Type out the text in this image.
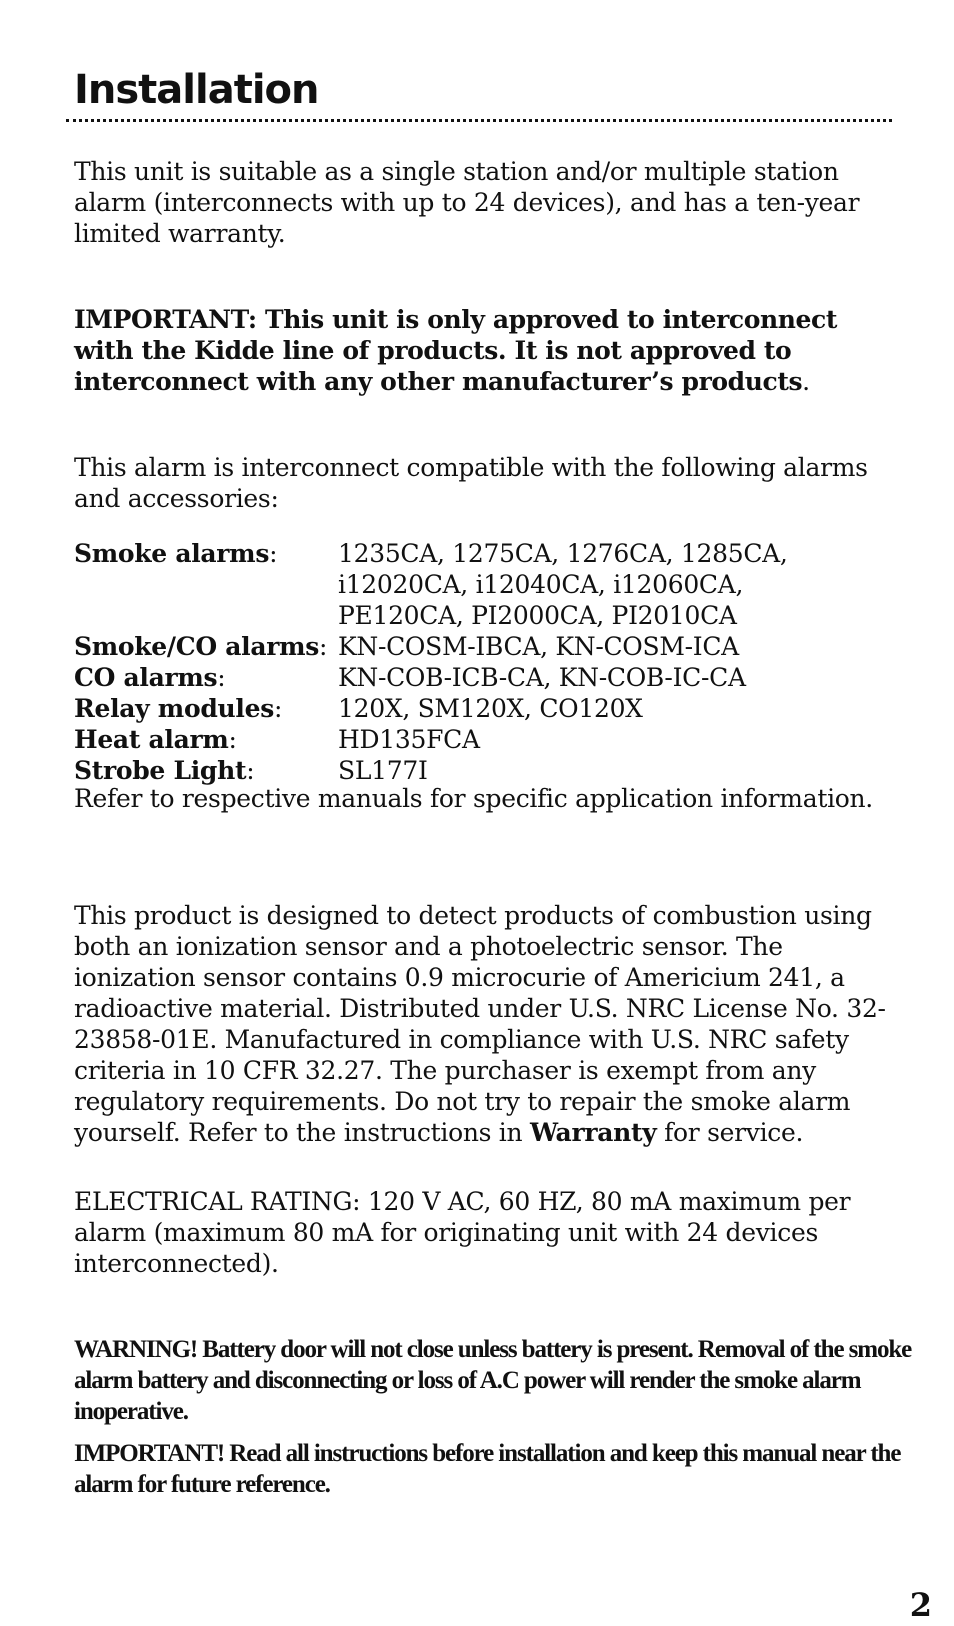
Installation

This unit is suitable as a single station and/or multiple station alarm (interconnects with up to 24 devices), and has a ten-year limited warranty.

IMPORTANT: This unit is only approved to interconnect with the Kidde line of products. It is not approved to interconnect with any other manufacturer’s products.

This alarm is interconnect compatible with the following alarms and accessories:

Smoke alarms:	1235CA, 1275CA, 1276CA, 1285CA,
i12020CA, i12040CA, i12060CA,
PE120CA, PI2000CA, PI2010CA
Smoke/CO alarms: KN-COSM-IBCA, KN-COSM-ICA
CO alarms:	KN-COB-ICB-CA, KN-COB-IC-CA
Relay modules:	120X, SM120X, CO120X
Heat alarm:	HD135FCA
Strobe Light:	SL177I

Refer to respective manuals for specific application information.

This product is designed to detect products of combustion using both an ionization sensor and a photoelectric sensor. The ionization sensor contains 0.9 microcurie of Americium 241, a radioactive material. Distributed under U.S. NRC License No. 32-23858-01E. Manufactured in compliance with U.S. NRC safety criteria in 10 CFR 32.27. The purchaser is exempt from any regulatory requirements. Do not try to repair the smoke alarm yourself. Refer to the instructions in Warranty for service.

ELECTRICAL RATING: 120 V AC, 60 HZ, 80 mA maximum per alarm (maximum 80 mA for originating unit with 24 devices interconnected).

WARNING! Battery door will not close unless battery is present. Removal of the smoke alarm battery and disconnecting or loss of A.C power will render the smoke alarm inoperative.

IMPORTANT! Read all instructions before installation and keep this manual near the alarm for future reference.

2
